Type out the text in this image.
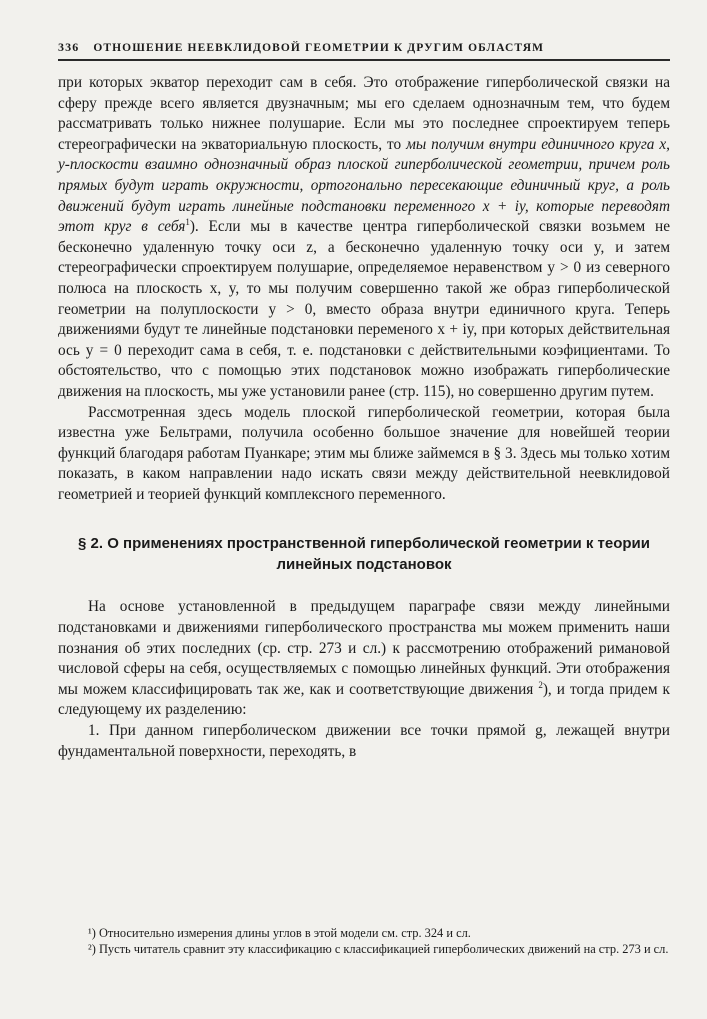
336 ОТНОШЕНИЕ НЕЕВКЛИДОВОЙ ГЕОМЕТРИИ К ДРУГИМ ОБЛАСТЯМ

при которых экватор переходит сам в себя. Это отображение гиперболической связки на сферу прежде всего является двузначным; мы его сделаем однозначным тем, что будем рассматривать только нижнее полушарие. Если мы это последнее спроектируем теперь стереографически на экваториальную плоскость, то мы получим внутри единичного круга x, y-плоскости взаимно однозначный образ плоской гиперболической геометрии, причем роль прямых будут играть окружности, ортогонально пересекающие единичный круг, а роль движений будут играть линейные подстановки переменного x + iy, которые переводят этот круг в себя$^1$). Если мы в качестве центра гиперболической связки возьмем не бесконечно удаленную точку оси z, а бесконечно удаленную точку оси y, и затем стереографически спроектируем полушарие, определяемое неравенством y > 0 из северного полюса на плоскость x, y, то мы получим совершенно такой же образ гиперболической геометрии на полуплоскости y > 0, вместо образа внутри единичного круга. Теперь движениями будут те линейные подстановки переменого x + iy, при которых действительная ось y = 0 переходит сама в себя, т. е. подстановки с действительными коэфициентами. То обстоятельство, что с помощью этих подстановок можно изображать гиперболические движения на плоскость, мы уже установили ранее (стр. 115), но совершенно другим путем.

Рассмотренная здесь модель плоской гиперболической геометрии, которая была известна уже Бельтрами, получила особенно большое значение для новейшей теории функций благодаря работам Пуанкаре; этим мы ближе займемся в § 3. Здесь мы только хотим показать, в каком направлении надо искать связи между действительной неевклидовой геометрией и теорией функций комплексного переменного.

§ 2. О применениях пространственной гиперболической геометрии к теории линейных подстановок

На основе установленной в предыдущем параграфе связи между линейными подстановками и движениями гиперболического пространства мы можем применить наши познания об этих последних (ср. стр. 273 и сл.) к рассмотрению отображений римановой числовой сферы на себя, осуществляемых с помощью линейных функций. Эти отображения мы можем классифицировать так же, как и соответствующие движения $^2$), и тогда придем к следующему их разделению:

1. При данном гиперболическом движении все точки прямой g, лежащей внутри фундаментальной поверхности, переходять, в

¹) Относительно измерения длины углов в этой модели см. стр. 324 и сл.

²) Пусть читатель сравнит эту классификацию с классификацией гиперболических движений на стр. 273 и сл.
